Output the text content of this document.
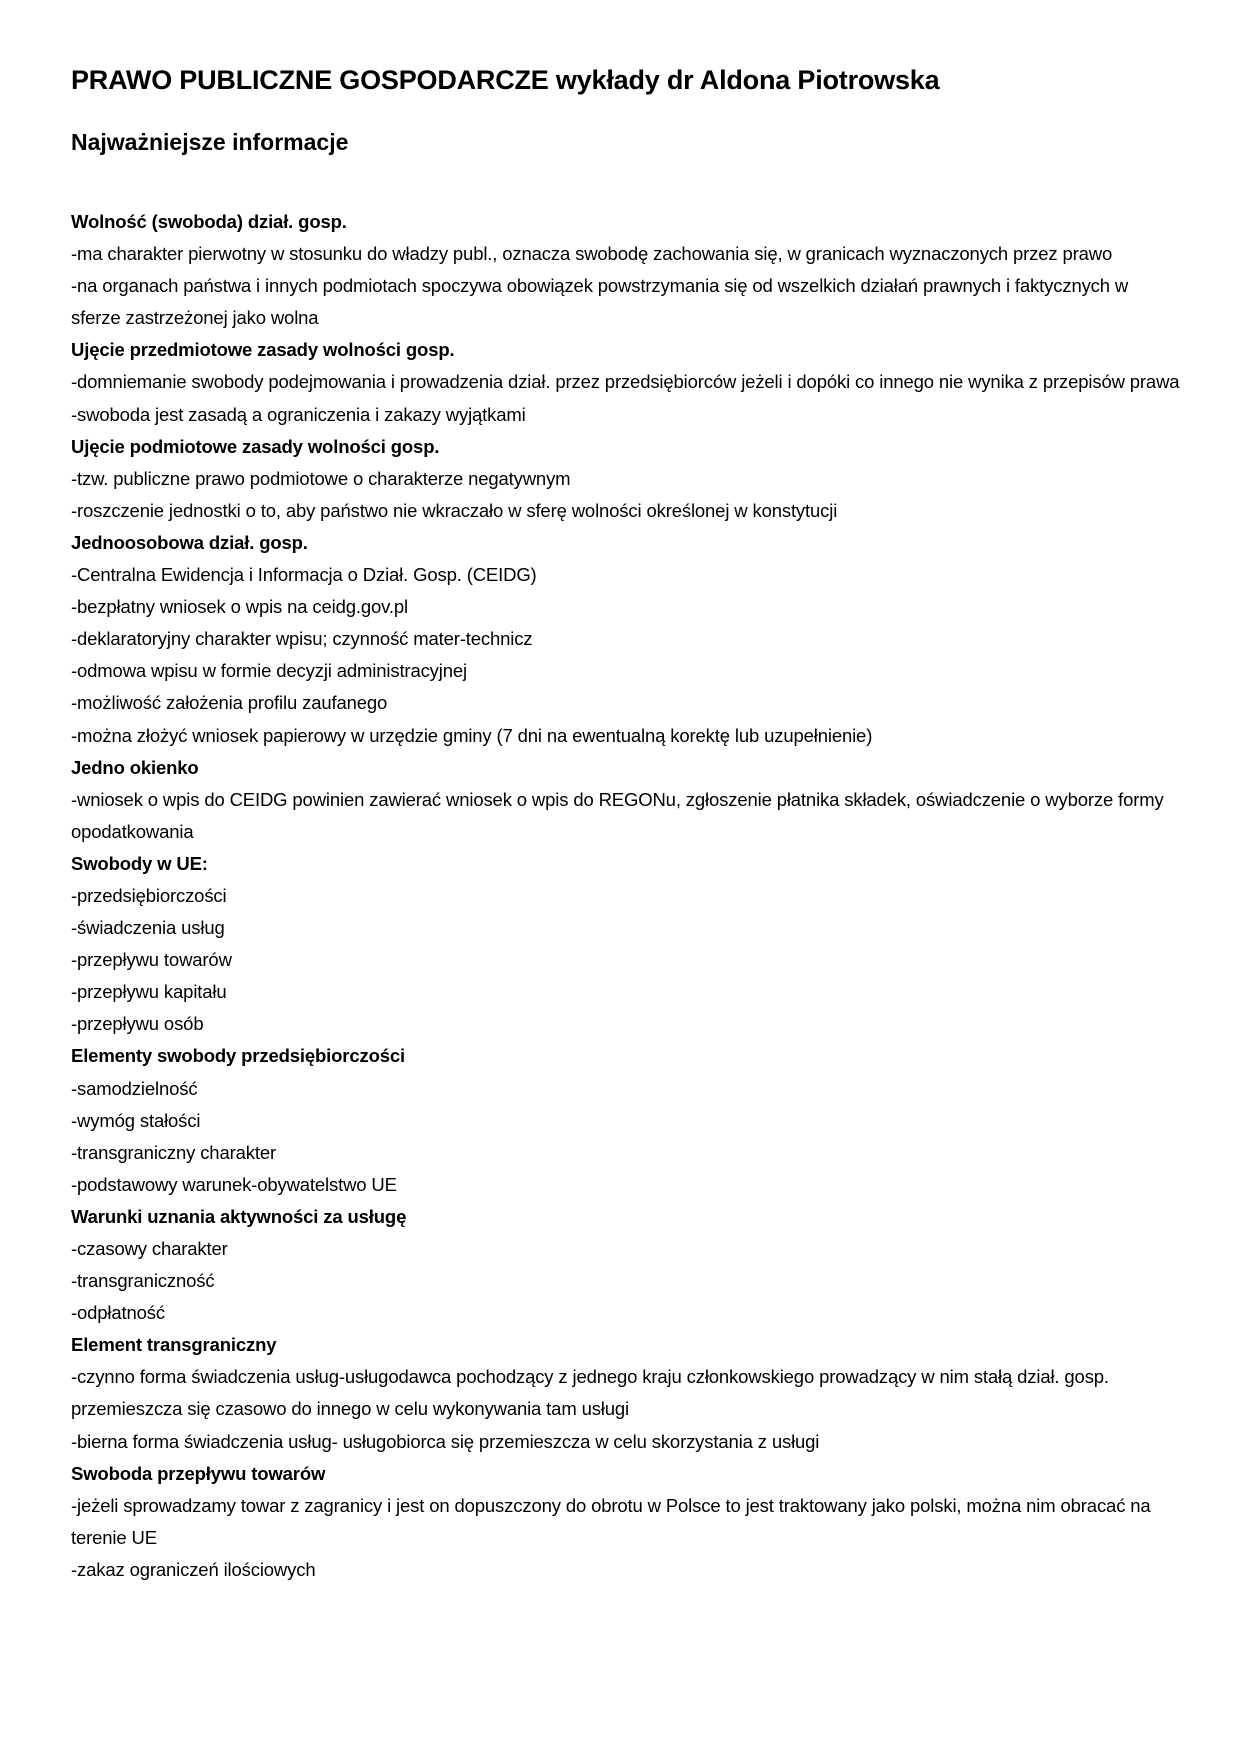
PRAWO PUBLICZNE GOSPODARCZE wykłady dr Aldona Piotrowska
Najważniejsze informacje

Wolność (swoboda) dział. gosp.

-ma charakter pierwotny w stosunku do władzy publ., oznacza swobodę zachowania się, w granicach wyznaczonych przez prawo

-na organach państwa i innych podmiotach spoczywa obowiązek powstrzymania się od wszelkich działań prawnych i faktycznych w sferze zastrzeżonej jako wolna

Ujęcie przedmiotowe zasady wolności gosp.

-domniemanie swobody podejmowania i prowadzenia dział. przez przedsiębiorców jeżeli i dopóki co innego nie wynika z przepisów prawa

-swoboda jest zasadą a ograniczenia i zakazy wyjątkami

Ujęcie podmiotowe zasady wolności gosp.

-tzw. publiczne prawo podmiotowe o charakterze negatywnym

-roszczenie jednostki o to, aby państwo nie wkraczało w sferę wolności określonej w konstytucji

Jednoosobowa dział. gosp.

-Centralna Ewidencja i Informacja o Dział. Gosp. (CEIDG)

-bezpłatny wniosek o wpis na ceidg.gov.pl

-deklaratoryjny charakter wpisu; czynność mater-technicz

-odmowa wpisu w formie decyzji administracyjnej

-możliwość założenia profilu zaufanego

-można złożyć wniosek papierowy w urzędzie gminy (7 dni na ewentualną korektę lub uzupełnienie)

Jedno okienko

-wniosek o wpis do CEIDG powinien zawierać wniosek o wpis do REGONu, zgłoszenie płatnika składek, oświadczenie o wyborze formy opodatkowania

Swobody w UE:

-przedsiębiorczości

-świadczenia usług

-przepływu towarów

-przepływu kapitału

-przepływu osób

Elementy swobody przedsiębiorczości

-samodzielność

-wymóg stałości

-transgraniczny charakter

-podstawowy warunek-obywatelstwo UE

Warunki uznania aktywności za usługę

-czasowy charakter

-transgraniczność

-odpłatność

Element transgraniczny

-czynno forma świadczenia usług-usługodawca pochodzący z jednego kraju członkowskiego prowadzący w nim stałą dział. gosp. przemieszcza się czasowo do innego w celu wykonywania tam usługi

-bierna forma świadczenia usług- usługobiorca się przemieszcza w celu skorzystania z usługi

Swoboda przepływu towarów

-jeżeli sprowadzamy towar z zagranicy i jest on dopuszczony do obrotu w Polsce to jest traktowany jako polski, można nim obracać na terenie UE

-zakaz ograniczeń ilościowych
